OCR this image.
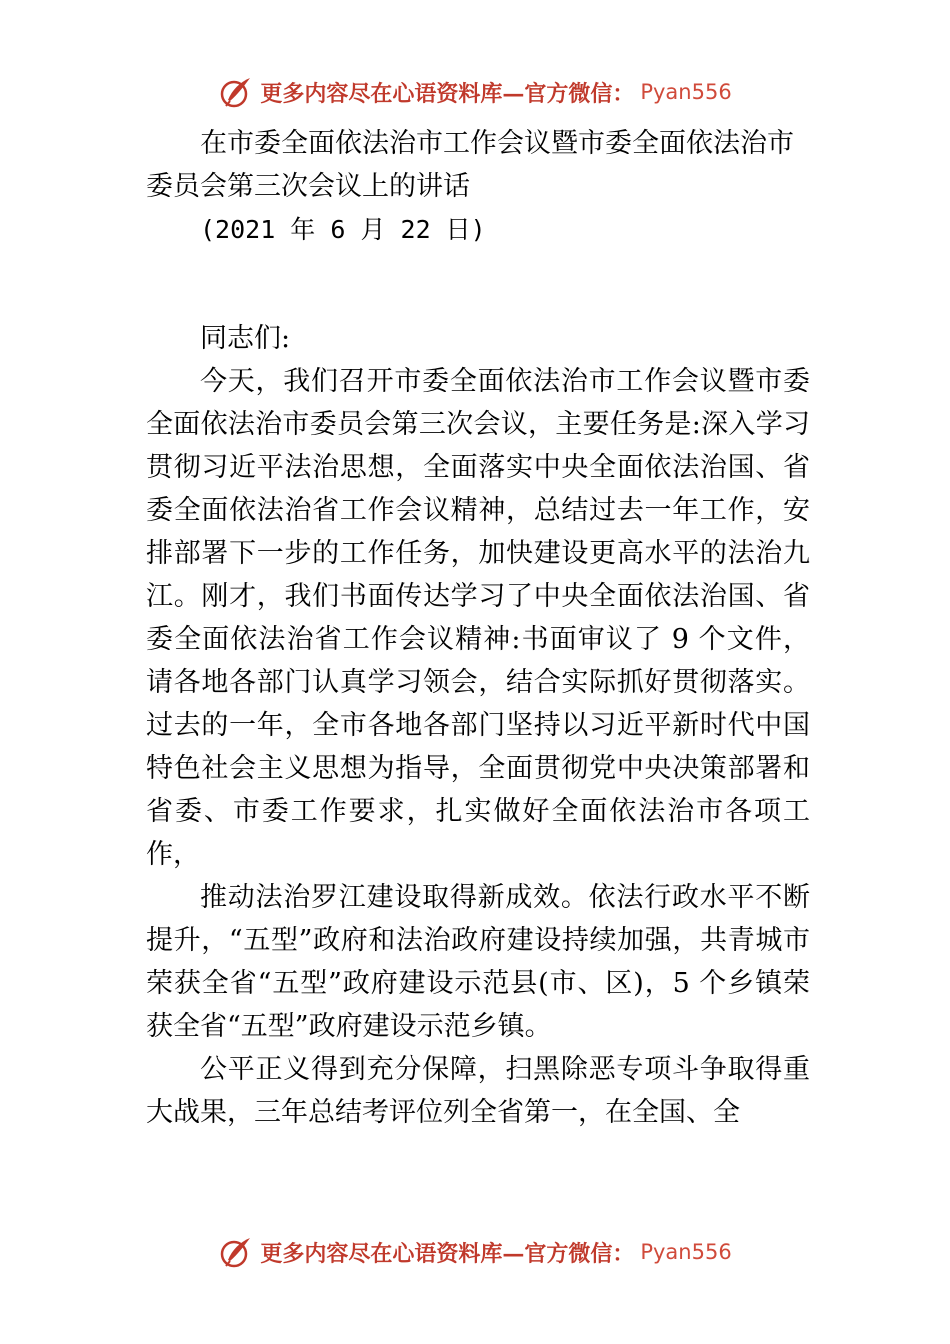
更多内容尽在心语资料库—官方微信： Pyan556

在市委全面依法治市工作会议暨市委全面依法治市委员会第三次会议上的讲话

(2021 年 6 月 22 日)

同志们:

今天，我们召开市委全面依法治市工作会议暨市委全面依法治市委员会第三次会议，主要任务是:深入学习贯彻习近平法治思想，全面落实中央全面依法治国、省委全面依法治省工作会议精神，总结过去一年工作，安排部署下一步的工作任务，加快建设更高水平的法治九江。刚才，我们书面传达学习了中央全面依法治国、省委全面依法治省工作会议精神:书面审议了 9 个文件，请各地各部门认真学习领会，结合实际抓好贯彻落实。过去的一年，全市各地各部门坚持以习近平新时代中国特色社会主义思想为指导，全面贯彻党中央决策部署和省委、市委工作要求，扎实做好全面依法治市各项工作，

推动法治罗江建设取得新成效。依法行政水平不断提升，“五型”政府和法治政府建设持续加强，共青城市荣获全省“五型”政府建设示范县(市、区)，5 个乡镇荣获全省“五型”政府建设示范乡镇。

公平正义得到充分保障，扫黑除恶专项斗争取得重大战果，三年总结考评位列全省第一，在全国、全

更多内容尽在心语资料库—官方微信： Pyan556
